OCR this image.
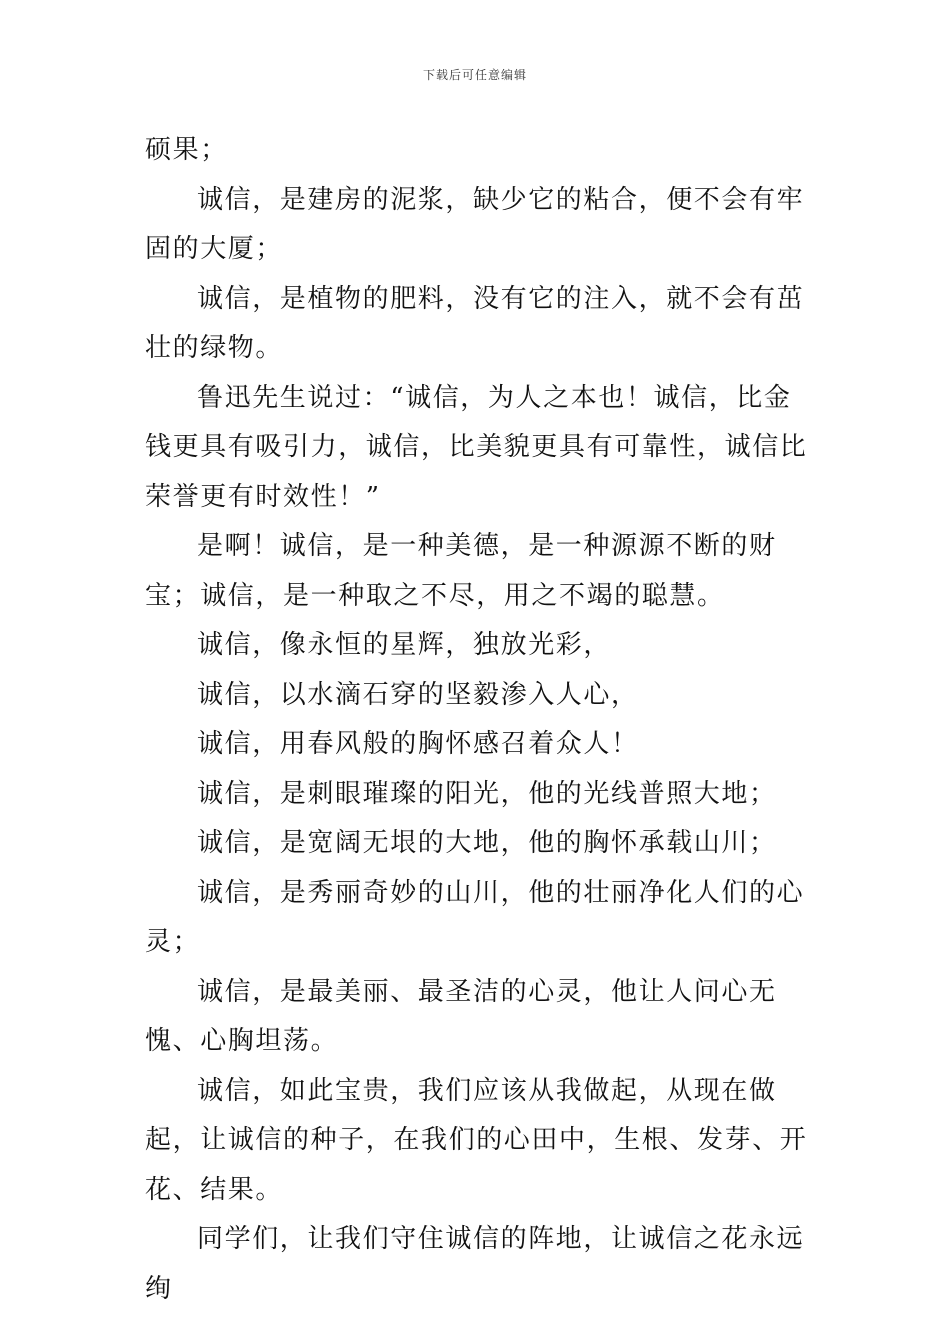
下载后可任意编辑

硕果；

诚信，是建房的泥浆，缺少它的粘合，便不会有牢固的大厦；

诚信，是植物的肥料，没有它的注入，就不会有茁壮的绿物。

鲁迅先生说过：“诚信，为人之本也！诚信，比金钱更具有吸引力，诚信，比美貌更具有可靠性，诚信比荣誉更有时效性！”

是啊！诚信，是一种美德，是一种源源不断的财宝；诚信，是一种取之不尽，用之不竭的聪慧。

诚信，像永恒的星辉，独放光彩，

诚信，以水滴石穿的坚毅渗入人心，

诚信，用春风般的胸怀感召着众人！

诚信，是刺眼璀璨的阳光，他的光线普照大地；

诚信，是宽阔无垠的大地，他的胸怀承载山川；

诚信，是秀丽奇妙的山川，他的壮丽净化人们的心灵；

诚信，是最美丽、最圣洁的心灵，他让人问心无愧、心胸坦荡。

诚信，如此宝贵，我们应该从我做起，从现在做起，让诚信的种子，在我们的心田中，生根、发芽、开花、结果。

同学们，让我们守住诚信的阵地，让诚信之花永远绚
